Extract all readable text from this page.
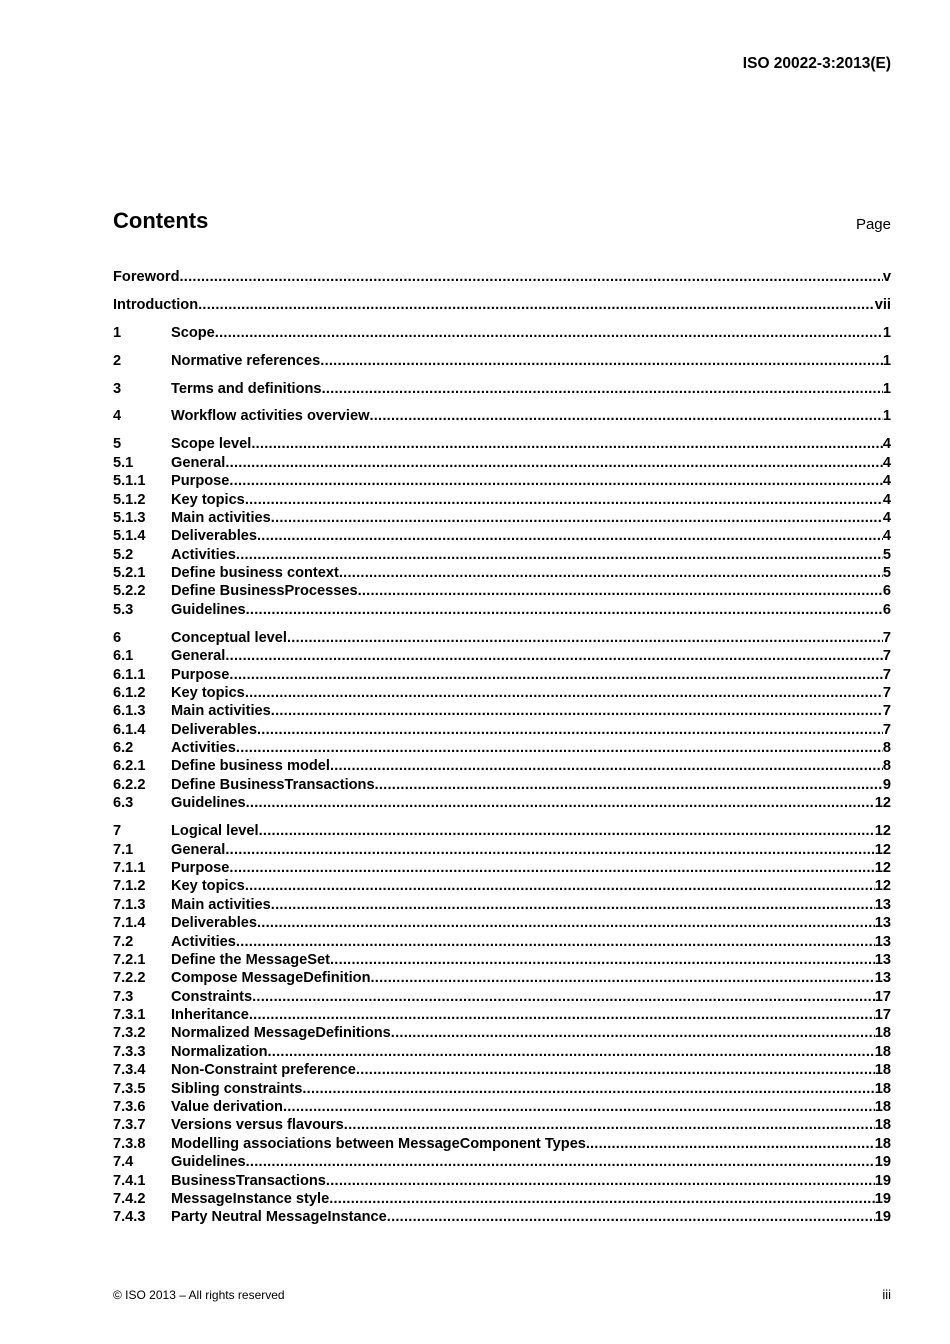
ISO 20022-3:2013(E)
Contents	Page
Foreword .....	v
Introduction .....	vii
1	Scope .....	1
2	Normative references .....	1
3	Terms and definitions .....	1
4	Workflow activities overview .....	1
5	Scope level .....	4
5.1	General .....	4
5.1.1	Purpose .....	4
5.1.2	Key topics .....	4
5.1.3	Main activities .....	4
5.1.4	Deliverables .....	4
5.2	Activities .....	5
5.2.1	Define business context .....	5
5.2.2	Define BusinessProcesses .....	6
5.3	Guidelines .....	6
6	Conceptual level .....	7
6.1	General .....	7
6.1.1	Purpose .....	7
6.1.2	Key topics .....	7
6.1.3	Main activities .....	7
6.1.4	Deliverables .....	7
6.2	Activities .....	8
6.2.1	Define business model .....	8
6.2.2	Define BusinessTransactions .....	9
6.3	Guidelines .....	12
7	Logical level .....	12
7.1	General .....	12
7.1.1	Purpose .....	12
7.1.2	Key topics .....	12
7.1.3	Main activities .....	13
7.1.4	Deliverables .....	13
7.2	Activities .....	13
7.2.1	Define the MessageSet .....	13
7.2.2	Compose MessageDefinition .....	13
7.3	Constraints .....	17
7.3.1	Inheritance .....	17
7.3.2	Normalized MessageDefinitions .....	18
7.3.3	Normalization .....	18
7.3.4	Non-Constraint preference .....	18
7.3.5	Sibling constraints .....	18
7.3.6	Value derivation .....	18
7.3.7	Versions versus flavours .....	18
7.3.8	Modelling associations between MessageComponent Types. .....	18
7.4	Guidelines .....	19
7.4.1	BusinessTransactions .....	19
7.4.2	MessageInstance style .....	19
7.4.3	Party Neutral MessageInstance .....	19
© ISO 2013 – All rights reserved	iii
